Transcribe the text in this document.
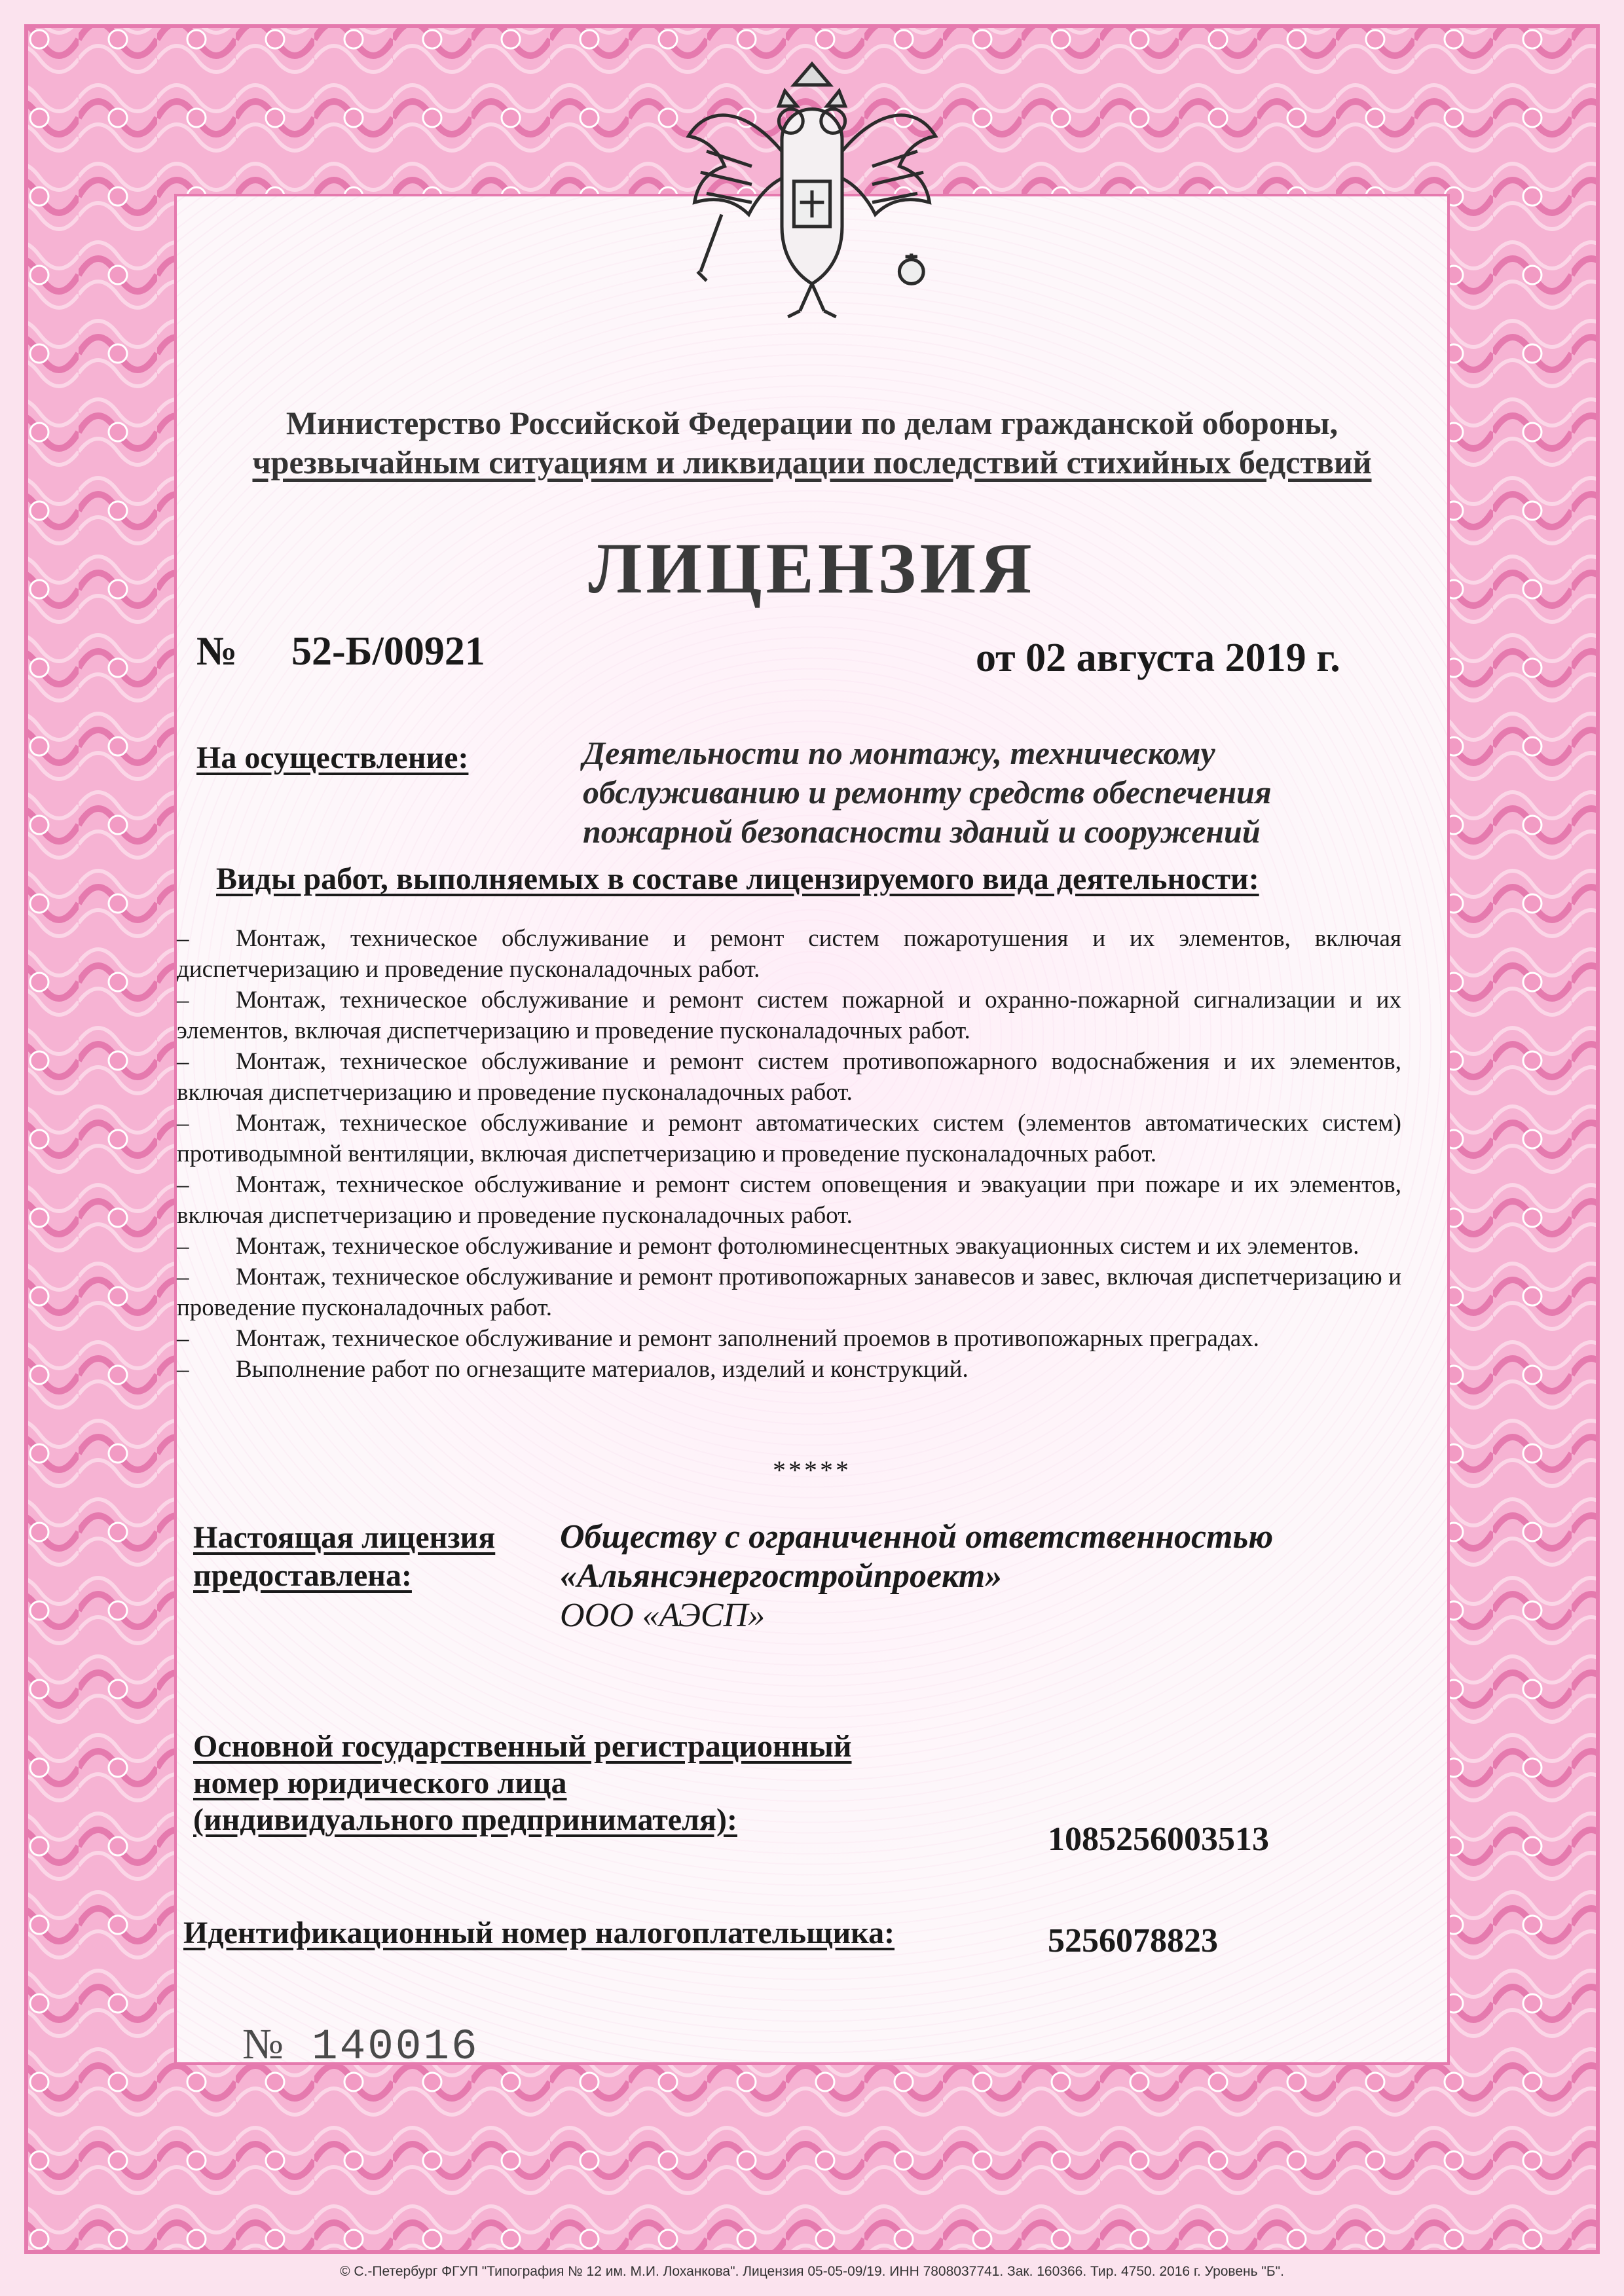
Министерство Российской Федерации по делам гражданской обороны,
чрезвычайным ситуациям и ликвидации последствий стихийных бедствий
ЛИЦЕНЗИЯ
№ 52-Б/00921	от 02 августа 2019 г.
На осуществление:	Деятельности по монтажу, техническому
обслуживанию и ремонту средств обеспечения
пожарной безопасности зданий и сооружений
Виды работ, выполняемых в составе лицензируемого вида деятельности:
– Монтаж, техническое обслуживание и ремонт систем пожаротушения и их элементов, включая диспетчеризацию и проведение пусконаладочных работ.
– Монтаж, техническое обслуживание и ремонт систем пожарной и охранно-пожарной сигнализации и их элементов, включая диспетчеризацию и проведение пусконаладочных работ.
– Монтаж, техническое обслуживание и ремонт систем противопожарного водоснабжения и их элементов, включая диспетчеризацию и проведение пусконаладочных работ.
– Монтаж, техническое обслуживание и ремонт автоматических систем (элементов автоматических систем) противодымной вентиляции, включая диспетчеризацию и проведение пусконаладочных работ.
– Монтаж, техническое обслуживание и ремонт систем оповещения и эвакуации при пожаре и их элементов, включая диспетчеризацию и проведение пусконаладочных работ.
– Монтаж, техническое обслуживание и ремонт фотолюминесцентных эвакуационных систем и их элементов.
– Монтаж, техническое обслуживание и ремонт противопожарных занавесов и завес, включая диспетчеризацию и проведение пусконаладочных работ.
– Монтаж, техническое обслуживание и ремонт заполнений проемов в противопожарных преградах.
– Выполнение работ по огнезащите материалов, изделий и конструкций.
*****
Настоящая лицензия
предоставлена:
Обществу с ограниченной ответственностью
«Альянсэнергостройпроект»
ООО «АЭСП»
Основной государственный регистрационный
номер юридического лица
(индивидуального предпринимателя):
1085256003513
Идентификационный номер налогоплательщика:	5256078823
№ 140016
© С.-Петербург ФГУП "Типография № 12 им. М.И. Лоханкова". Лицензия 05-05-09/19. ИНН 7808037741. Зак. 160366. Тир. 4750. 2016 г. Уровень "Б".
